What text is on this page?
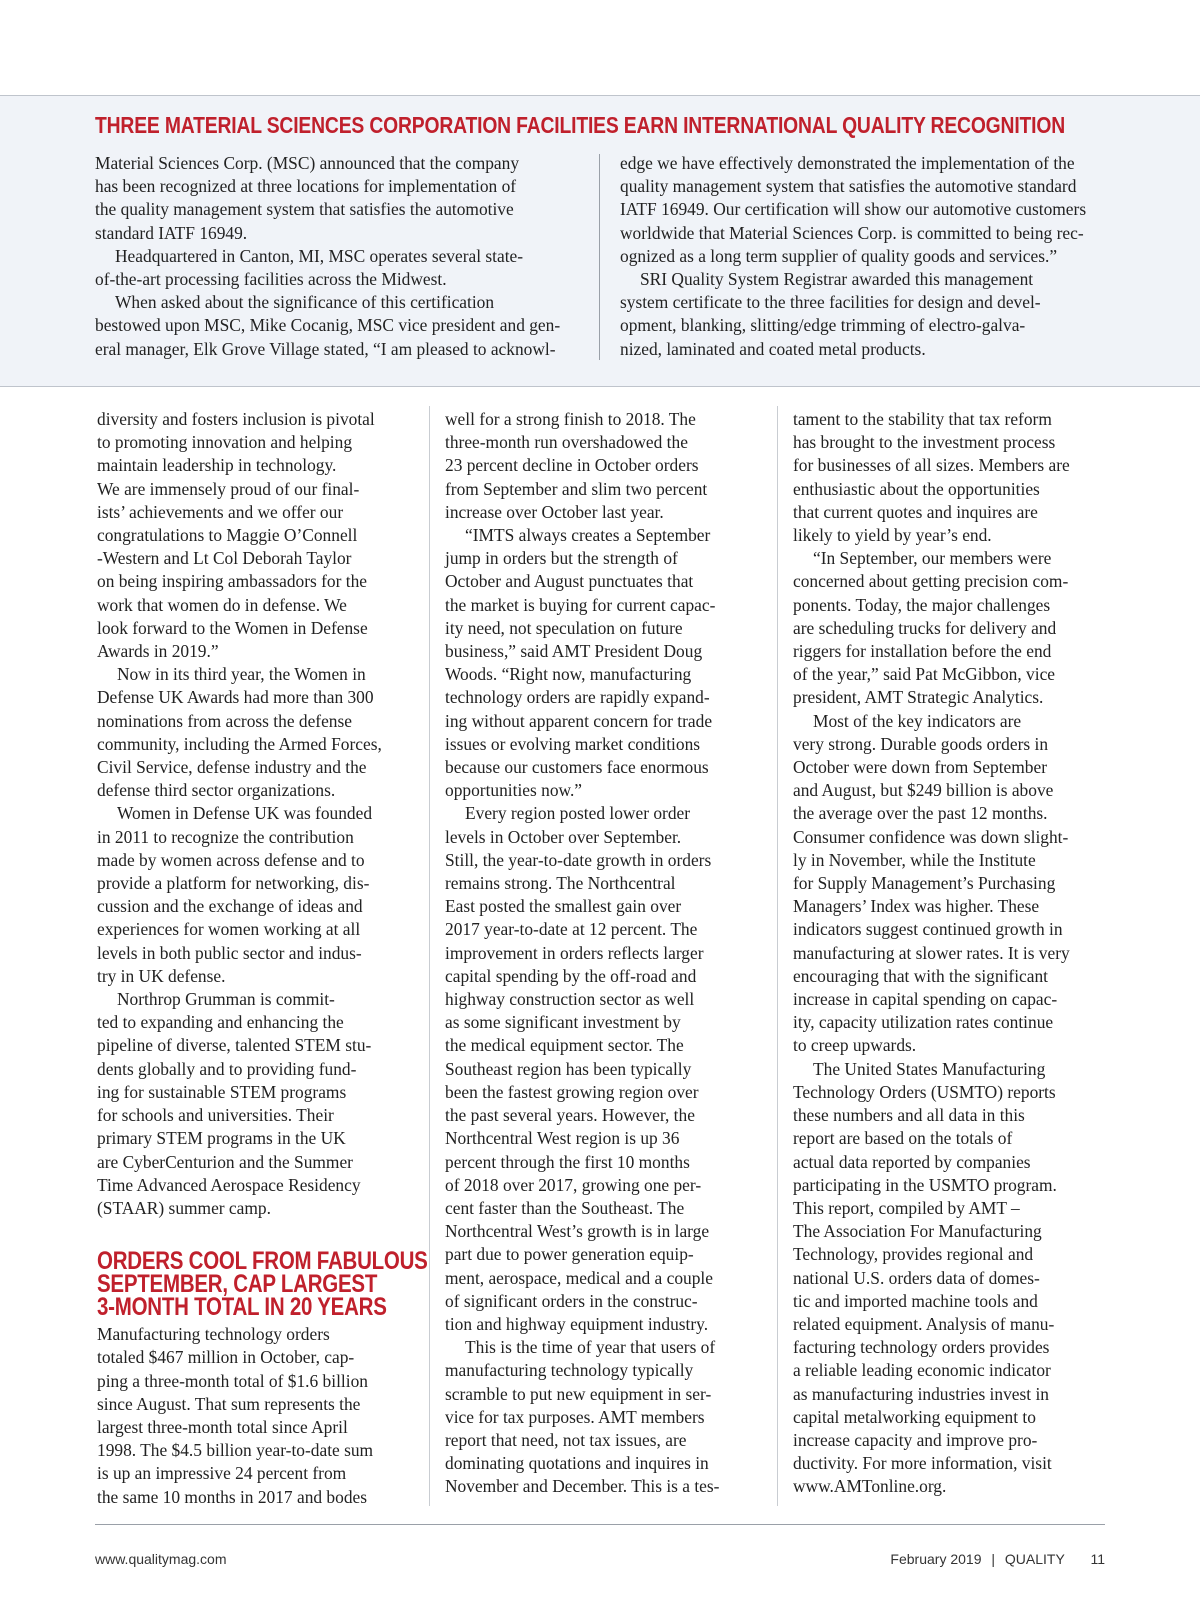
THREE MATERIAL SCIENCES CORPORATION FACILITIES EARN INTERNATIONAL QUALITY RECOGNITION
Material Sciences Corp. (MSC) announced that the company
has been recognized at three locations for implementation of
the quality management system that satisfies the automotive
standard IATF 16949.
Headquartered in Canton, MI, MSC operates several state-
of-the-art processing facilities across the Midwest.
When asked about the significance of this certification
bestowed upon MSC, Mike Cocanig, MSC vice president and gen-
eral manager, Elk Grove Village stated, “I am pleased to acknowl-
edge we have effectively demonstrated the implementation of the
quality management system that satisfies the automotive standard
IATF 16949. Our certification will show our automotive customers
worldwide that Material Sciences Corp. is committed to being rec-
ognized as a long term supplier of quality goods and services.”
SRI Quality System Registrar awarded this management
system certificate to the three facilities for design and devel-
opment, blanking, slitting/edge trimming of electro-galva-
nized, laminated and coated metal products.
diversity and fosters inclusion is pivotal
to promoting innovation and helping
maintain leadership in technology.
We are immensely proud of our final-
ists’ achievements and we offer our
congratulations to Maggie O’Connell
-Western and Lt Col Deborah Taylor
on being inspiring ambassadors for the
work that women do in defense. We
look forward to the Women in Defense
Awards in 2019.”
Now in its third year, the Women in
Defense UK Awards had more than 300
nominations from across the defense
community, including the Armed Forces,
Civil Service, defense industry and the
defense third sector organizations.
Women in Defense UK was founded
in 2011 to recognize the contribution
made by women across defense and to
provide a platform for networking, dis-
cussion and the exchange of ideas and
experiences for women working at all
levels in both public sector and indus-
try in UK defense.
Northrop Grumman is commit-
ted to expanding and enhancing the
pipeline of diverse, talented STEM stu-
dents globally and to providing fund-
ing for sustainable STEM programs
for schools and universities. Their
primary STEM programs in the UK
are CyberCenturion and the Summer
Time Advanced Aerospace Residency
(STAAR) summer camp.
ORDERS COOL FROM FABULOUS
SEPTEMBER, CAP LARGEST
3-MONTH TOTAL IN 20 YEARS
Manufacturing technology orders
totaled $467 million in October, cap-
ping a three-month total of $1.6 billion
since August. That sum represents the
largest three-month total since April
1998. The $4.5 billion year-to-date sum
is up an impressive 24 percent from
the same 10 months in 2017 and bodes
well for a strong finish to 2018. The
three-month run overshadowed the
23 percent decline in October orders
from September and slim two percent
increase over October last year.
“IMTS always creates a September
jump in orders but the strength of
October and August punctuates that
the market is buying for current capac-
ity need, not speculation on future
business,” said AMT President Doug
Woods. “Right now, manufacturing
technology orders are rapidly expand-
ing without apparent concern for trade
issues or evolving market conditions
because our customers face enormous
opportunities now.”
Every region posted lower order
levels in October over September.
Still, the year-to-date growth in orders
remains strong. The Northcentral
East posted the smallest gain over
2017 year-to-date at 12 percent. The
improvement in orders reflects larger
capital spending by the off-road and
highway construction sector as well
as some significant investment by
the medical equipment sector. The
Southeast region has been typically
been the fastest growing region over
the past several years. However, the
Northcentral West region is up 36
percent through the first 10 months
of 2018 over 2017, growing one per-
cent faster than the Southeast. The
Northcentral West’s growth is in large
part due to power generation equip-
ment, aerospace, medical and a couple
of significant orders in the construc-
tion and highway equipment industry.
This is the time of year that users of
manufacturing technology typically
scramble to put new equipment in ser-
vice for tax purposes. AMT members
report that need, not tax issues, are
dominating quotations and inquires in
November and December. This is a tes-
tament to the stability that tax reform
has brought to the investment process
for businesses of all sizes. Members are
enthusiastic about the opportunities
that current quotes and inquires are
likely to yield by year’s end.
“In September, our members were
concerned about getting precision com-
ponents. Today, the major challenges
are scheduling trucks for delivery and
riggers for installation before the end
of the year,” said Pat McGibbon, vice
president, AMT Strategic Analytics.
Most of the key indicators are
very strong. Durable goods orders in
October were down from September
and August, but $249 billion is above
the average over the past 12 months.
Consumer confidence was down slight-
ly in November, while the Institute
for Supply Management’s Purchasing
Managers’ Index was higher. These
indicators suggest continued growth in
manufacturing at slower rates. It is very
encouraging that with the significant
increase in capital spending on capac-
ity, capacity utilization rates continue
to creep upwards.
The United States Manufacturing
Technology Orders (USMTO) reports
these numbers and all data in this
report are based on the totals of
actual data reported by companies
participating in the USMTO program.
This report, compiled by AMT –
The Association For Manufacturing
Technology, provides regional and
national U.S. orders data of domes-
tic and imported machine tools and
related equipment. Analysis of manu-
facturing technology orders provides
a reliable leading economic indicator
as manufacturing industries invest in
capital metalworking equipment to
increase capacity and improve pro-
ductivity. For more information, visit
www.AMTonline.org.
www.qualitymag.com	February 2019 | QUALITY 11
